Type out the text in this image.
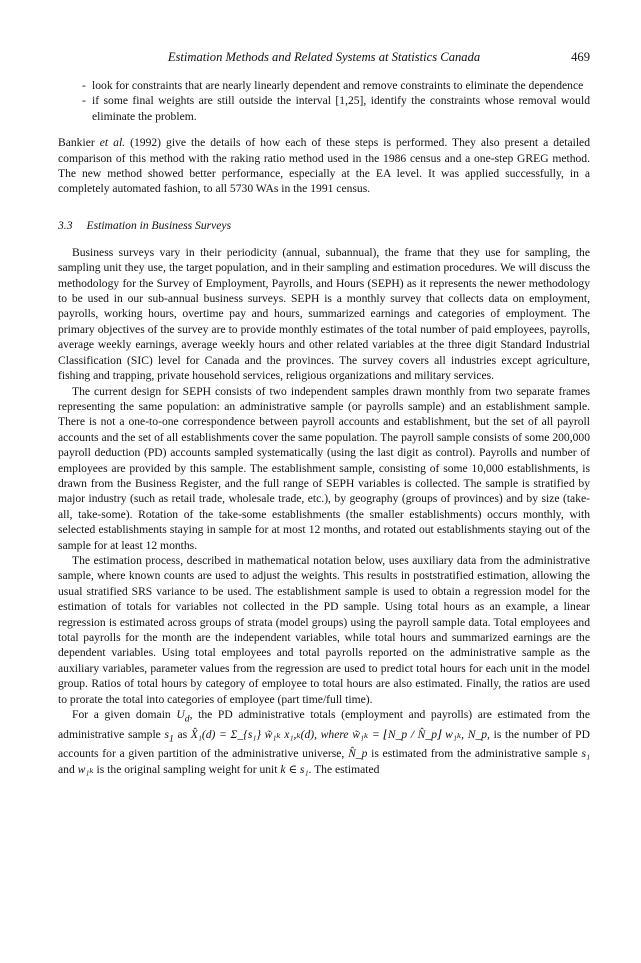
Estimation Methods and Related Systems at Statistics Canada	469
- look for constraints that are nearly linearly dependent and remove constraints to eliminate the dependence
- if some final weights are still outside the interval [1,25], identify the constraints whose removal would eliminate the problem.

Bankier et al. (1992) give the details of how each of these steps is performed. They also present a detailed comparison of this method with the raking ratio method used in the 1986 census and a one-step GREG method. The new method showed better performance, especially at the EA level. It was applied successfully, in a completely automated fashion, to all 5730 WAs in the 1991 census.

3.3 Estimation in Business Surveys

Business surveys vary in their periodicity (annual, subannual), the frame that they use for sampling, the sampling unit they use, the target population, and in their sampling and estimation procedures. We will discuss the methodology for the Survey of Employment, Payrolls, and Hours (SEPH) as it represents the newer methodology to be used in our sub-annual business surveys. SEPH is a monthly survey that collects data on employment, payrolls, working hours, overtime pay and hours, summarized earnings and categories of employment. The primary objectives of the survey are to provide monthly estimates of the total number of paid employees, payrolls, average weekly earnings, average weekly hours and other related variables at the three digit Standard Industrial Classification (SIC) level for Canada and the provinces. The survey covers all industries except agriculture, fishing and trapping, private household services, religious organizations and military services.

The current design for SEPH consists of two independent samples drawn monthly from two separate frames representing the same population: an administrative sample (or payrolls sample) and an establishment sample. There is not a one-to-one correspondence between payroll accounts and establishment, but the set of all payroll accounts and the set of all establishments cover the same population. The payroll sample consists of some 200,000 payroll deduction (PD) accounts sampled systematically (using the last digit as control). Payrolls and number of employees are provided by this sample. The establishment sample, consisting of some 10,000 establishments, is drawn from the Business Register, and the full range of SEPH variables is collected. The sample is stratified by major industry (such as retail trade, wholesale trade, etc.), by geography (groups of provinces) and by size (take-all, take-some). Rotation of the take-some establishments (the smaller establishments) occurs monthly, with selected establishments staying in sample for at most 12 months, and rotated out establishments staying out of the sample for at least 12 months.

The estimation process, described in mathematical notation below, uses auxiliary data from the administrative sample, where known counts are used to adjust the weights. This results in poststratified estimation, allowing the usual stratified SRS variance to be used. The establishment sample is used to obtain a regression model for the estimation of totals for variables not collected in the PD sample. Using total hours as an example, a linear regression is estimated across groups of strata (model groups) using the payroll sample data. Total employees and total payrolls for the month are the independent variables, while total hours and summarized earnings are the dependent variables. Using total employees and total payrolls reported on the administrative sample as the auxiliary variables, parameter values from the regression are used to predict total hours for each unit in the model group. Ratios of total hours by category of employee to total hours are also estimated. Finally, the ratios are used to prorate the total into categories of employee (part time/full time).

For a given domain $U_d$, the PD administrative totals (employment and payrolls) are estimated from the administrative sample $s_1$ as X̂₁(d) = Σ_{s₁} w̃₁ₖ x₁,ₖ(d), where w̃₁ₖ = ⌊N_p / N̂_p⌋ w₁ₖ, N_p, is the number of PD accounts for a given partition of the administrative universe, N̂_p is estimated from the administrative sample s₁ and w₁ₖ is the original sampling weight for unit k ∈ s₁. The estimated
